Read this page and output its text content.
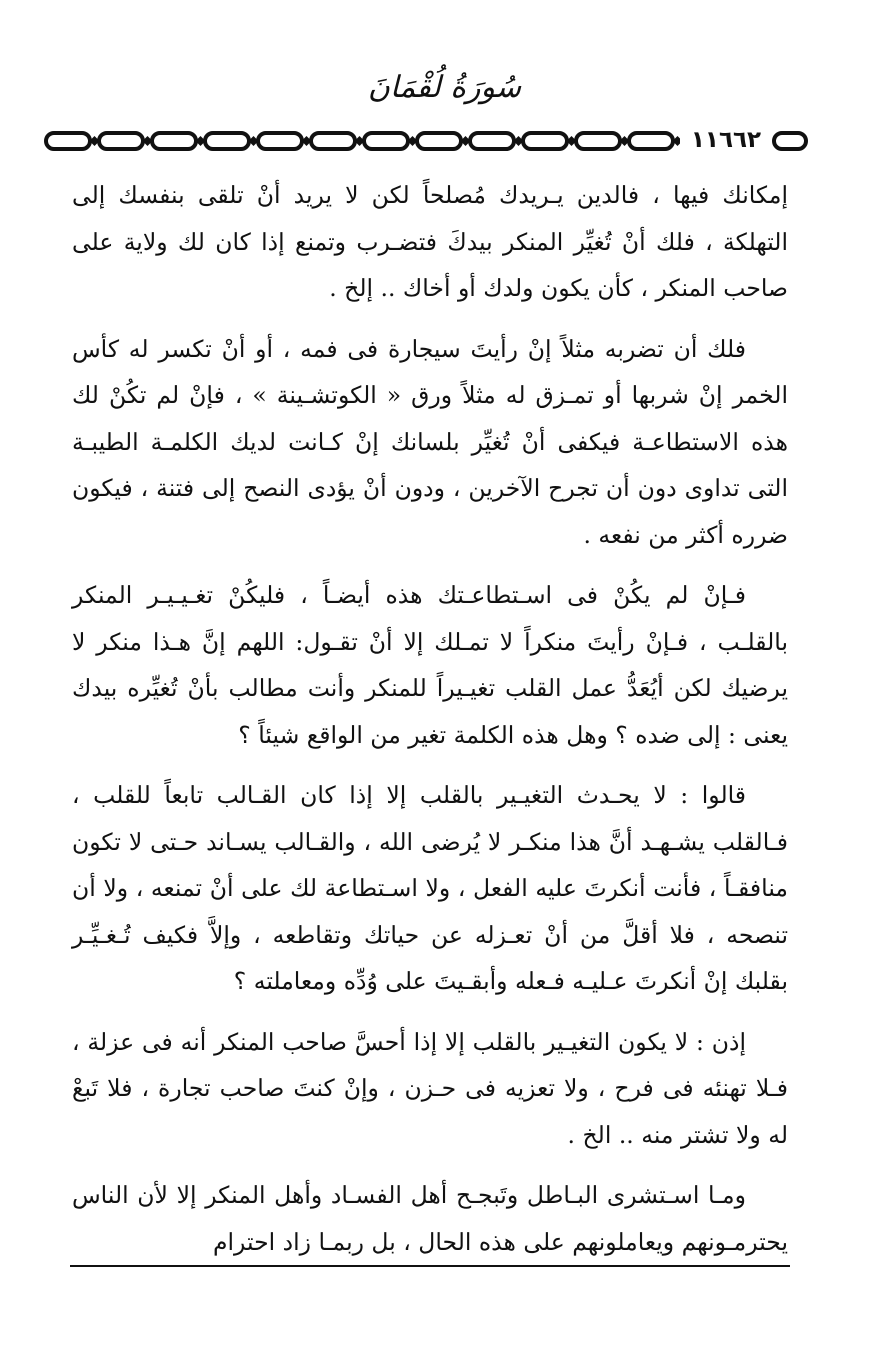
سُورَةُ لُقْمَانَ
١١٦٦٢

إمكانك فيها ، فالدين يـريدك مُصلحاً لكن لا يريد أنْ تلقى بنفسك إلى التهلكة ، فلك أنْ تُغيِّر المنكر بيدكَ فتضـرب وتمنع إذا كان لك ولاية على صاحب المنكر ، كأن يكون ولدك أو أخاك .. إلخ .

فلك أن تضربه مثلاً إنْ رأيتَ سيجارة فى فمه ، أو أنْ تكسر له كأس الخمر إنْ شربها أو تمـزق له مثلاً ورق « الكوتشـينة » ، فإنْ لم تكُنْ لك هذه الاستطاعـة فيكفى أنْ تُغيِّر بلسانك إنْ كـانت لديك الكلمـة الطيبـة التى تداوى دون أن تجرح الآخرين ، ودون أنْ يؤدى النصح إلى فتنة ، فيكون ضرره أكثر من نفعه .

فـإنْ لم يكُنْ فى اسـتطاعـتك هذه أيضـاً ، فليكُنْ تغـيـيـر المنكر بالقلـب ، فـإنْ رأيتَ منكراً لا تمـلك إلا أنْ تقـول: اللهم إنَّ هـذا منكر لا يرضيك لكن أيُعَدُّ عمل القلب تغيـيراً للمنكر وأنت مطالب بأنْ تُغيِّره بيدك يعنى : إلى ضده ؟ وهل هذه الكلمة تغير من الواقع شيئاً ؟

قالوا : لا يحـدث التغيـير بالقلب إلا إذا كان القـالب تابعاً للقلب ، فـالقلب يشـهـد أنَّ هذا منكـر لا يُرضى الله ، والقـالب يسـاند حـتى لا تكون منافقـاً ، فأنت أنكرتَ عليه الفعل ، ولا اسـتطاعة لك على أنْ تمنعه ، ولا أن تنصحه ، فلا أقلَّ من أنْ تعـزله عن حياتك وتقاطعه ، وإلاَّ فكيف تُـغـيِّـر بقلبك إنْ أنكرتَ عـليـه فـعله وأبقـيتَ على وُدِّه ومعاملته ؟

إذن : لا يكون التغيـير بالقلب إلا إذا أحسَّ صاحب المنكر أنه فى عزلة ، فـلا تهنئه فى فرح ، ولا تعزيه فى حـزن ، وإنْ كنتَ صاحب تجارة ، فلا تَبعْ له ولا تشتر منه .. الخ .

ومـا اسـتشرى البـاطل وتَبجـح أهل الفسـاد وأهل المنكر إلا لأن الناس يحترمـونهم ويعاملونهم على هذه الحال ، بل ربمـا زاد احترام
